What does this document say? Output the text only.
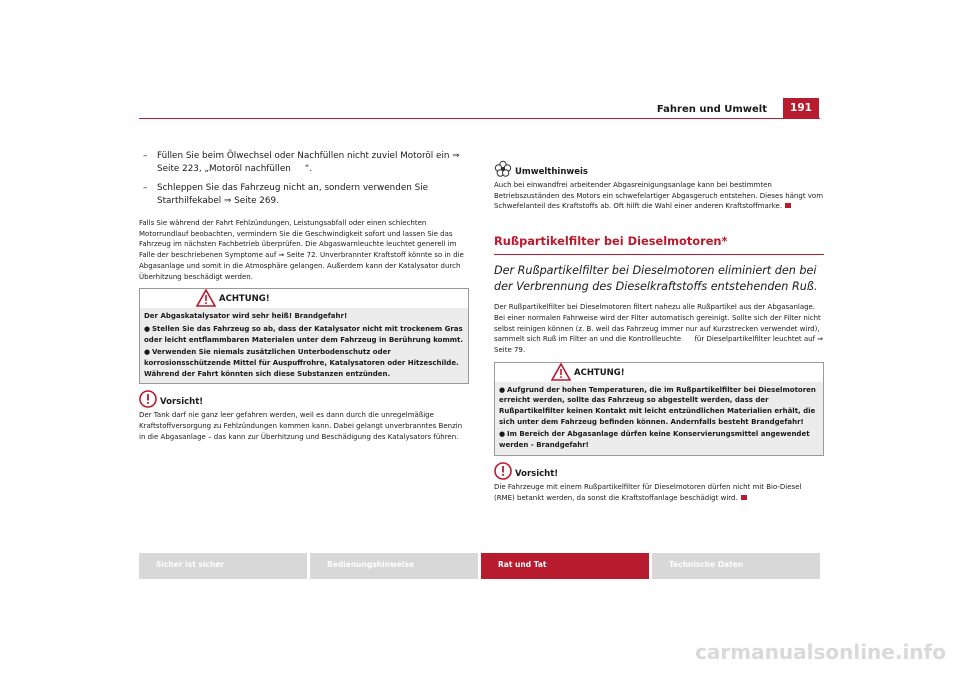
Fahren und Umwelt	191
– Füllen Sie beim Ölwechsel oder Nachfüllen nicht zuviel Motoröl ein ⇒ Seite 223, „Motoröl nachfüllen     “.
– Schleppen Sie das Fahrzeug nicht an, sondern verwenden Sie Starthilfekabel ⇒ Seite 269.

Falls Sie während der Fahrt Fehlzündungen, Leistungsabfall oder einen schlechten Motorrundlauf beobachten, vermindern Sie die Geschwindigkeit sofort und lassen Sie das Fahrzeug im nächsten Fachbetrieb überprüfen. Die Abgaswarnleuchte leuchtet generell im Falle der beschriebenen Symptome auf ⇒ Seite 72. Unverbrannter Kraftstoff könnte so in die Abgasanlage und somit in die Atmosphäre gelangen. Außerdem kann der Katalysator durch Überhitzung beschädigt werden.

ACHTUNG!

Der Abgaskatalysator wird sehr heiß! Brandgefahr!

● Stellen Sie das Fahrzeug so ab, dass der Katalysator nicht mit trockenem Gras oder leicht entflammbaren Materialen unter dem Fahrzeug in Berührung kommt.

● Verwenden Sie niemals zusätzlichen Unterbodenschutz oder korrosionsschützende Mittel für Auspuffrohre, Katalysatoren oder Hitzeschilde. Während der Fahrt könnten sich diese Substanzen entzünden.

Vorsicht!

Der Tank darf nie ganz leer gefahren werden, weil es dann durch die unregelmäßige Kraftstoffversorgung zu Fehlzündungen kommen kann. Dabei gelangt unverbranntes Benzin in die Abgasanlage – das kann zur Überhitzung und Beschädigung des Katalysators führen.

Umwelthinweis

Auch bei einwandfrei arbeitender Abgasreinigungsanlage kann bei bestimmten Betriebszuständen des Motors ein schwefelartiger Abgasgeruch entstehen. Dieses hängt vom Schwefelanteil des Kraftstoffs ab. Oft hilft die Wahl einer anderen Kraftstoffmarke.

Rußpartikelfilter bei Dieselmotoren*

Der Rußpartikelfilter bei Dieselmotoren eliminiert den bei der Verbrennung des Dieselkraftstoffs entstehenden Ruß.

Der Rußpartikelfilter bei Dieselmotoren filtert nahezu alle Rußpartikel aus der Abgasanlage. Bei einer normalen Fahrweise wird der Filter automatisch gereinigt. Sollte sich der Filter nicht selbst reinigen können (z. B. weil das Fahrzeug immer nur auf Kurzstrecken verwendet wird), sammelt sich Ruß im Filter an und die Kontrollleuchte      für Dieselpartikelfilter leuchtet auf ⇒ Seite 79.

ACHTUNG!

● Aufgrund der hohen Temperaturen, die im Rußpartikelfilter bei Dieselmotoren erreicht werden, sollte das Fahrzeug so abgestellt werden, dass der Rußpartikelfilter keinen Kontakt mit leicht entzündlichen Materialien erhält, die sich unter dem Fahrzeug befinden können. Andernfalls besteht Brandgefahr!

● Im Bereich der Abgasanlage dürfen keine Konservierungsmittel angewendet werden - Brandgefahr!

Vorsicht!

Die Fahrzeuge mit einem Rußpartikelfilter für Dieselmotoren dürfen nicht mit Bio-Diesel (RME) betankt werden, da sonst die Kraftstoffanlage beschädigt wird.

Sicher ist sicher	Bedienungshinweise	Rat und Tat	Technische Daten
carmanualsonline.info
